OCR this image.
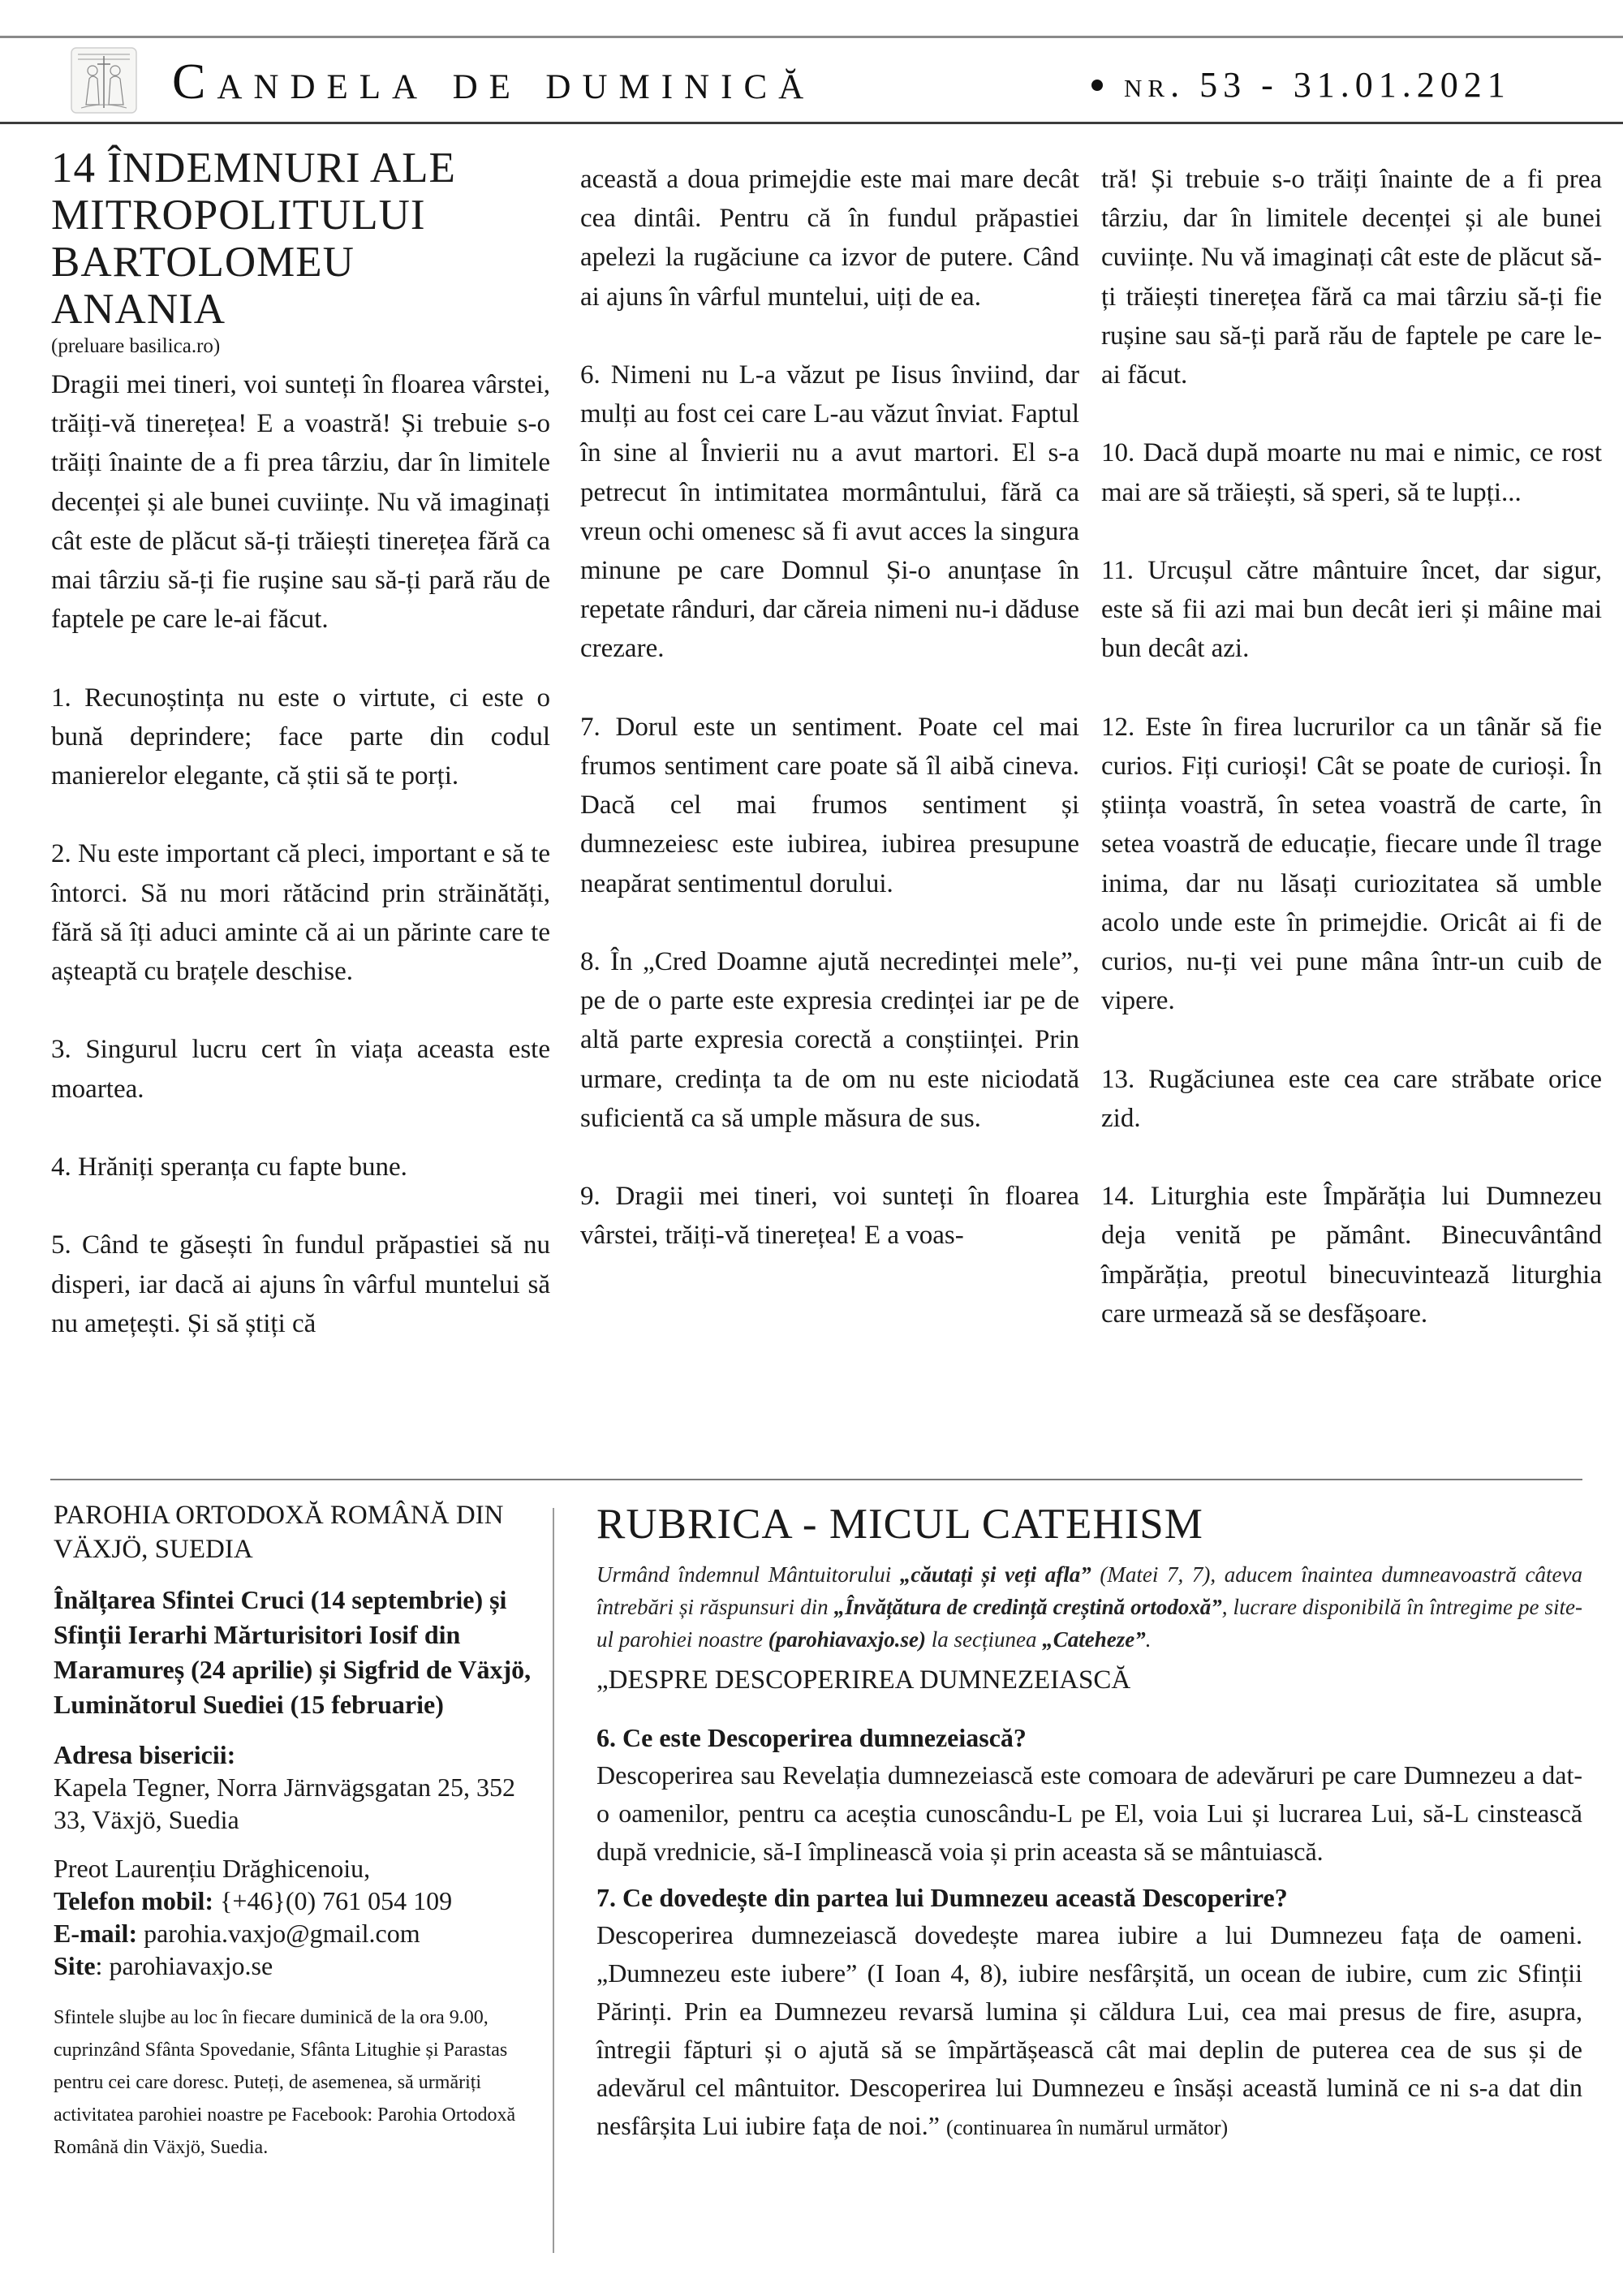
Candela de duminică	nr. 53 - 31.01.2021
14 ÎNDEMNURI ALE
MITROPOLITULUI
BARTOLOMEU
ANANIA
(preluare basilica.ro)

Dragii mei tineri, voi sunteți în floarea vârstei, trăiți-vă tinerețea! E a voastră! Și trebuie s-o trăiți înainte de a fi prea târziu, dar în limitele decenței și ale bunei cuviințe. Nu vă imaginați cât este de plăcut să-ți trăiești tinerețea fără ca mai târziu să-ți fie rușine sau să-ți pară rău de faptele pe care le-ai făcut.

1. Recunoștința nu este o virtute, ci este o bună deprindere; face parte din codul manierelor elegante, că știi să te porți.

2. Nu este important că pleci, important e să te întorci. Să nu mori rătăcind prin străinătăți, fără să îți aduci aminte că ai un părinte care te așteaptă cu brațele deschise.

3. Singurul lucru cert în viața aceasta este moartea.

4. Hrăniți speranța cu fapte bune.

5. Când te găsești în fundul prăpastiei să nu disperi, iar dacă ai ajuns în vârful muntelui să nu amețești. Și să știți că

această a doua primejdie este mai mare decât cea dintâi. Pentru că în fundul prăpastiei apelezi la rugăciune ca izvor de putere. Când ai ajuns în vârful muntelui, uiți de ea.

6. Nimeni nu L-a văzut pe Iisus înviind, dar mulți au fost cei care L-au văzut înviat. Faptul în sine al Învierii nu a avut martori. El s-a petrecut în intimitatea mormântului, fără ca vreun ochi omenesc să fi avut acces la singura minune pe care Domnul Și-o anunțase în repetate rânduri, dar căreia nimeni nu-i dăduse crezare.

7. Dorul este un sentiment. Poate cel mai frumos sentiment care poate să îl aibă cineva. Dacă cel mai frumos sentiment și dumnezeiesc este iubirea, iubirea presupune neapărat sentimentul dorului.

8. În „Cred Doamne ajută necredinței mele”, pe de o parte este expresia credinței iar pe de altă parte expresia corectă a conștiinței. Prin urmare, credința ta de om nu este niciodată suficientă ca să umple măsura de sus.

9. Dragii mei tineri, voi sunteți în floarea vârstei, trăiți-vă tinerețea! E a voas-

tră! Și trebuie s-o trăiți înainte de a fi prea târziu, dar în limitele decenței și ale bunei cuviințe. Nu vă imaginați cât este de plăcut să-ți trăiești tinerețea fără ca mai târziu să-ți fie rușine sau să-ți pară rău de faptele pe care le-ai făcut.

10. Dacă după moarte nu mai e nimic, ce rost mai are să trăiești, să speri, să te lupți...

11. Urcușul către mântuire încet, dar sigur, este să fii azi mai bun decât ieri și mâine mai bun decât azi.

12. Este în firea lucrurilor ca un tânăr să fie curios. Fiți curioși! Cât se poate de curioși. În știința voastră, în setea voastră de carte, în setea voastră de educație, fiecare unde îl trage inima, dar nu lăsați curiozitatea să umble acolo unde este în primejdie. Oricât ai fi de curios, nu-ți vei pune mâna într-un cuib de vipere.

13. Rugăciunea este cea care străbate orice zid.

14. Liturghia este Împărăția lui Dumnezeu deja venită pe pământ. Binecuvântând împărăția, preotul binecuvintează liturghia care urmează să se desfășoare.

PAROHIA ORTODOXĂ ROMÂNĂ DIN VÄXJÖ, SUEDIA
Înălțarea Sfintei Cruci (14 septembrie) și Sfinții Ierarhi Mărturisitori Iosif din Maramureș (24 aprilie) și Sigfrid de Växjö, Luminătorul Suediei (15 februarie)

Adresa bisericii:

Kapela Tegner, Norra Järnvägsgatan 25, 352 33, Växjö, Suedia

Preot Laurențiu Drăghicenoiu,

Telefon mobil: {+46}(0) 761 054 109

E-mail: parohia.vaxjo@gmail.com

Site: parohiavaxjo.se

Sfintele slujbe au loc în fiecare duminică de la ora 9.00, cuprinzând Sfânta Spovedanie, Sfânta Litughie și Parastas pentru cei care doresc. Puteți, de asemenea, să urmăriți activitatea parohiei noastre pe Facebook: Parohia Ortodoxă Română din Växjö, Suedia.

RUBRICA - MICUL CATEHISM

Urmând îndemnul Mântuitorului „căutați și veți afla” (Matei 7, 7), aducem înaintea dumneavoastră câteva întrebări și răspunsuri din „Învățătura de credință creștină ortodoxă”, lucrare disponibilă în întregime pe site-ul parohiei noastre (parohiavaxjo.se) la secțiunea „Cateheze”.

„DESPRE DESCOPERIREA DUMNEZEIASCĂ

6. Ce este Descoperirea dumnezeiască?

Descoperirea sau Revelația dumnezeiască este comoara de adevăruri pe care Dumnezeu a dat-o oamenilor, pentru ca aceștia cunoscându-L pe El, voia Lui și lucrarea Lui, să-L cinstească după vrednicie, să-I împlinească voia și prin aceasta să se mântuiască.

7. Ce dovedește din partea lui Dumnezeu această Descoperire?

Descoperirea dumnezeiască dovedește marea iubire a lui Dumnezeu fața de oameni. „Dumnezeu este iubere” (I Ioan 4, 8), iubire nesfârșită, un ocean de iubire, cum zic Sfinții Părinți. Prin ea Dumnezeu revarsă lumina și căldura Lui, cea mai presus de fire, asupra, întregii făpturi și o ajută să se împărtășească cât mai deplin de puterea cea de sus și de adevărul cel mântuitor. Descoperirea lui Dumnezeu e însăși această lumină ce ni s-a dat din nesfârșita Lui iubire fața de noi.” (continuarea în numărul următor)
